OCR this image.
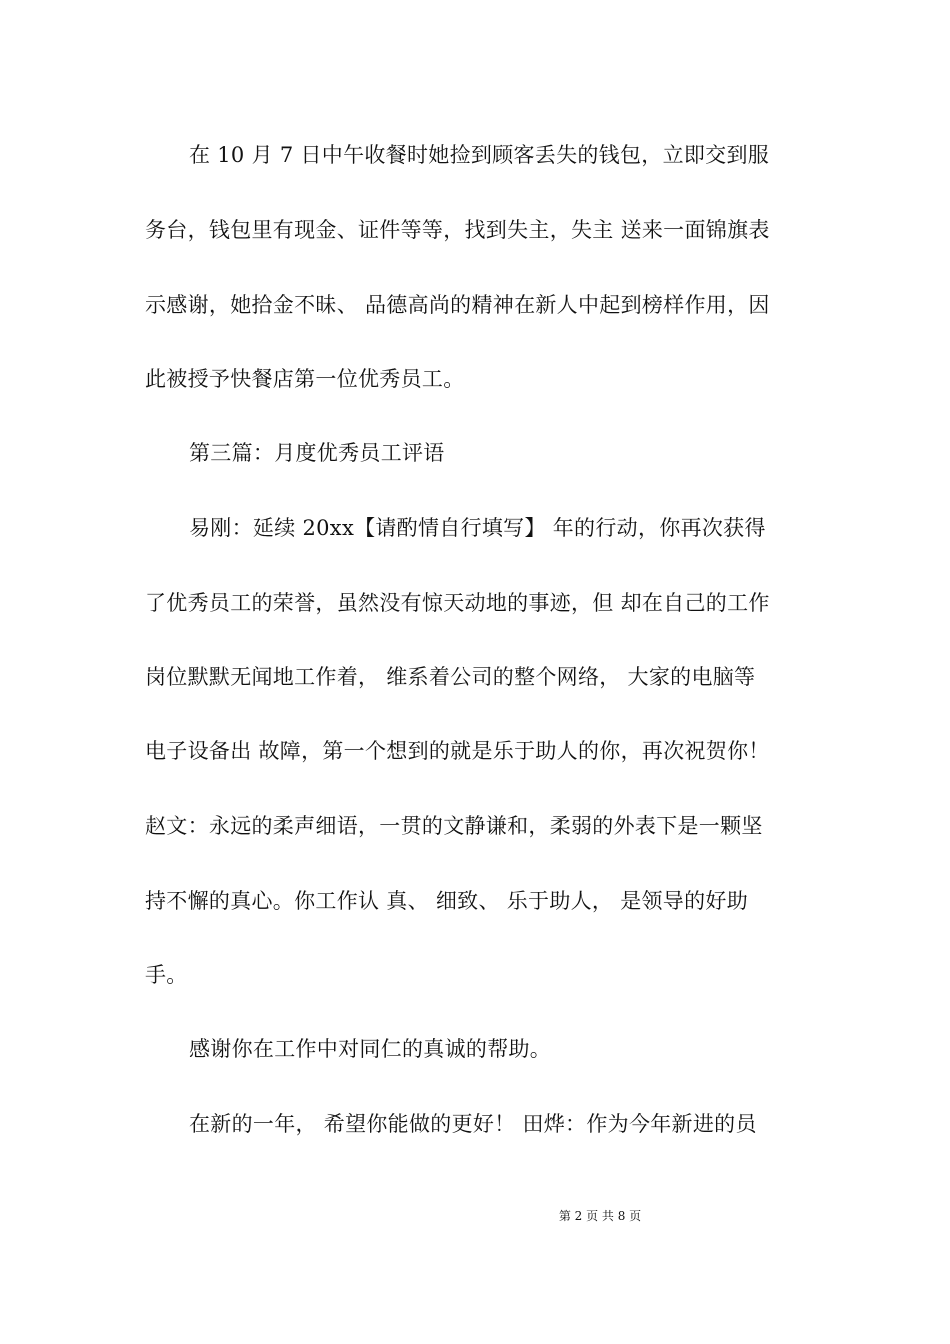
在 10 月 7 日中午收餐时她捡到顾客丢失的钱包，立即交到服
务台，钱包里有现金、证件等等，找到失主，失主 送来一面锦旗表
示感谢，她拾金不昧、 品德高尚的精神在新人中起到榜样作用，因
此被授予快餐店第一位优秀员工。
第三篇：月度优秀员工评语
易刚：延续 20xx【请酌情自行填写】 年的行动，你再次获得
了优秀员工的荣誉，虽然没有惊天动地的事迹，但 却在自己的工作
岗位默默无闻地工作着， 维系着公司的整个网络， 大家的电脑等
电子设备出 故障，第一个想到的就是乐于助人的你，再次祝贺你！
赵文：永远的柔声细语，一贯的文静谦和，柔弱的外表下是一颗坚
持不懈的真心。你工作认 真、 细致、 乐于助人， 是领导的好助
手。
感谢你在工作中对同仁的真诚的帮助。
在新的一年， 希望你能做的更好！ 田烨：作为今年新进的员
第 2 页 共 8 页
